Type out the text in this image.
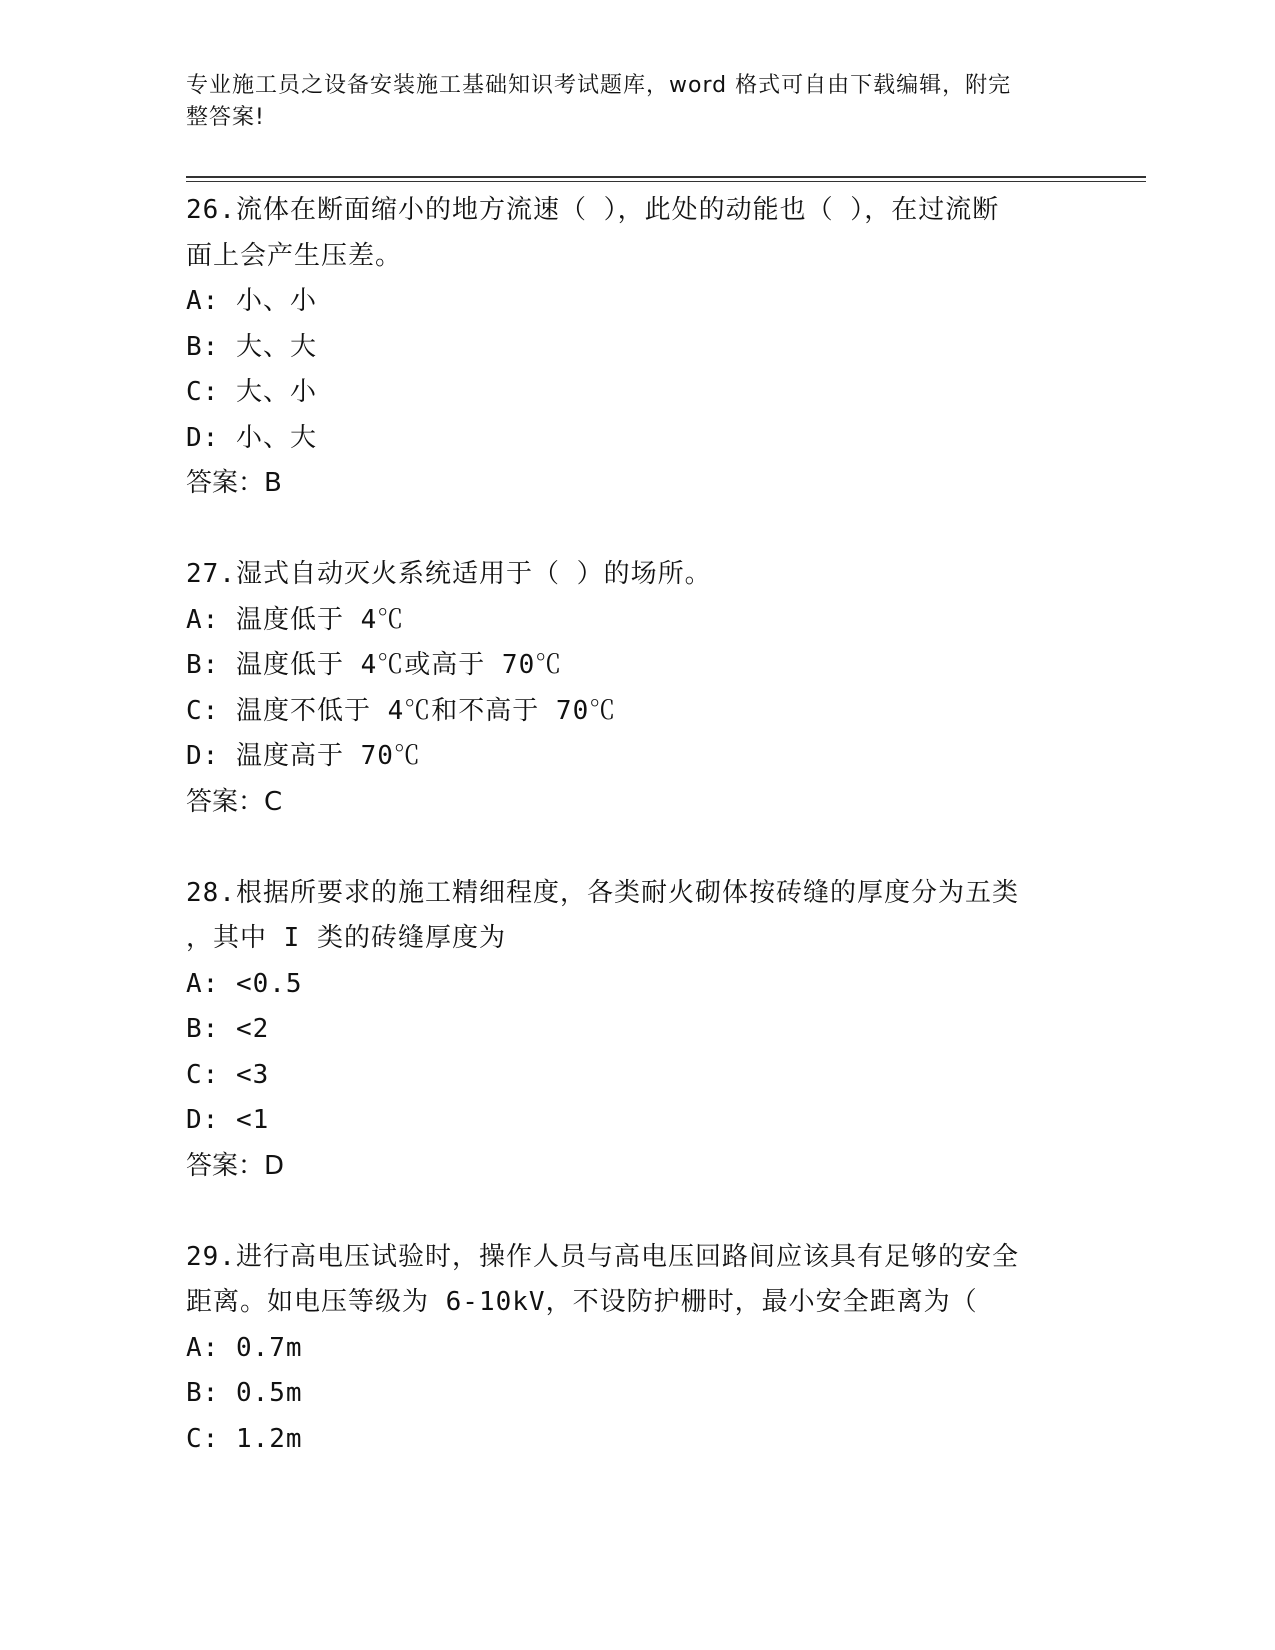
专业施工员之设备安装施工基础知识考试题库，word 格式可自由下载编辑，附完
整答案!
26.流体在断面缩小的地方流速（ ），此处的动能也（ ），在过流断
面上会产生压差。
A: 小、小
B: 大、大
C: 大、小
D: 小、大
答案：B
27.湿式自动灭火系统适用于（ ）的场所。
A: 温度低于 4℃
B: 温度低于 4℃或高于 70℃
C: 温度不低于 4℃和不高于 70℃
D: 温度高于 70℃
答案：C
28.根据所要求的施工精细程度，各类耐火砌体按砖缝的厚度分为五类
，其中 I 类的砖缝厚度为
A: <0.5
B: <2
C: <3
D: <1
答案：D
29.进行高电压试验时，操作人员与高电压回路间应该具有足够的安全
距离。如电压等级为 6-10kV，不设防护栅时，最小安全距离为（
A: 0.7m
B: 0.5m
C: 1.2m
